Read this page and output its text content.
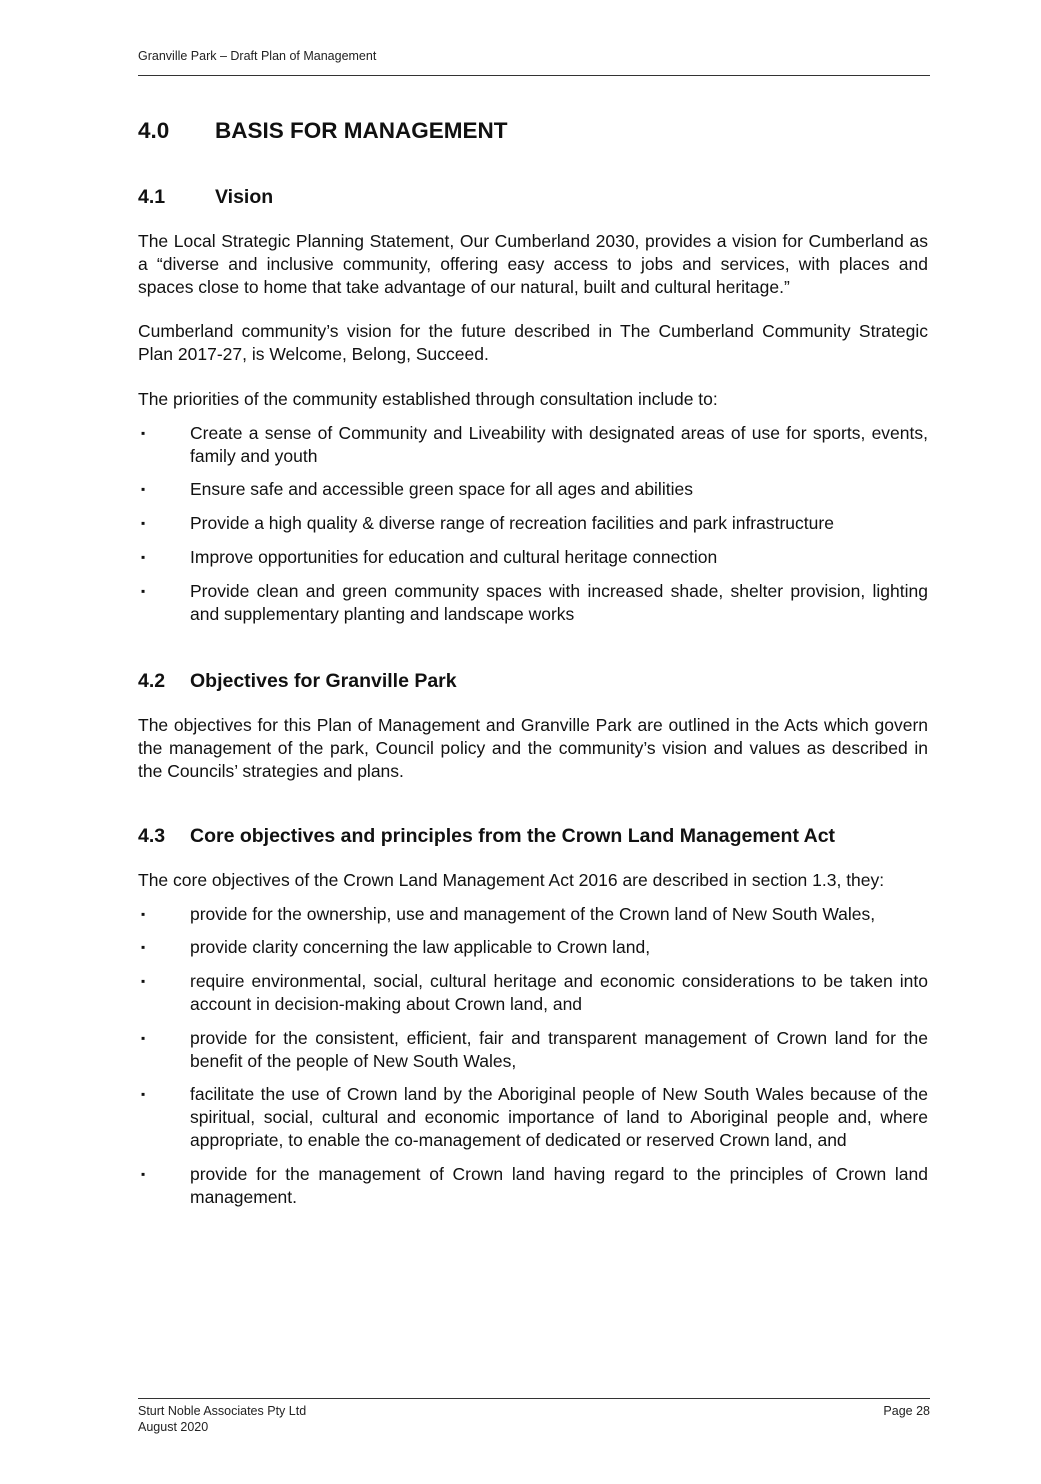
Granville Park – Draft Plan of Management
4.0	BASIS FOR MANAGEMENT
4.1	Vision

The Local Strategic Planning Statement, Our Cumberland 2030, provides a vision for Cumberland as a “diverse and inclusive community, offering easy access to jobs and services, with places and spaces close to home that take advantage of our natural, built and cultural heritage.”

Cumberland community’s vision for the future described in The Cumberland Community Strategic Plan 2017-27, is Welcome, Belong, Succeed.

The priorities of the community established through consultation include to:

▪	Create a sense of Community and Liveability with designated areas of use for sports, events, family and youth
▪	Ensure safe and accessible green space for all ages and abilities
▪	Provide a high quality & diverse range of recreation facilities and park infrastructure
▪	Improve opportunities for education and cultural heritage connection
▪	Provide clean and green community spaces with increased shade, shelter provision, lighting and supplementary planting and landscape works
4.2	Objectives for Granville Park

The objectives for this Plan of Management and Granville Park are outlined in the Acts which govern the management of the park, Council policy and the community’s vision and values as described in the Councils’ strategies and plans.

4.3	Core objectives and principles from the Crown Land Management Act

The core objectives of the Crown Land Management Act 2016 are described in section 1.3, they:

▪	provide for the ownership, use and management of the Crown land of New South Wales,
▪	provide clarity concerning the law applicable to Crown land,
▪	require environmental, social, cultural heritage and economic considerations to be taken into account in decision-making about Crown land, and
▪	provide for the consistent, efficient, fair and transparent management of Crown land for the benefit of the people of New South Wales,
▪	facilitate the use of Crown land by the Aboriginal people of New South Wales because of the spiritual, social, cultural and economic importance of land to Aboriginal people and, where appropriate, to enable the co-management of dedicated or reserved Crown land, and
▪	provide for the management of Crown land having regard to the principles of Crown land management.
Sturt Noble Associates Pty Ltd
August 2020
Page 28
